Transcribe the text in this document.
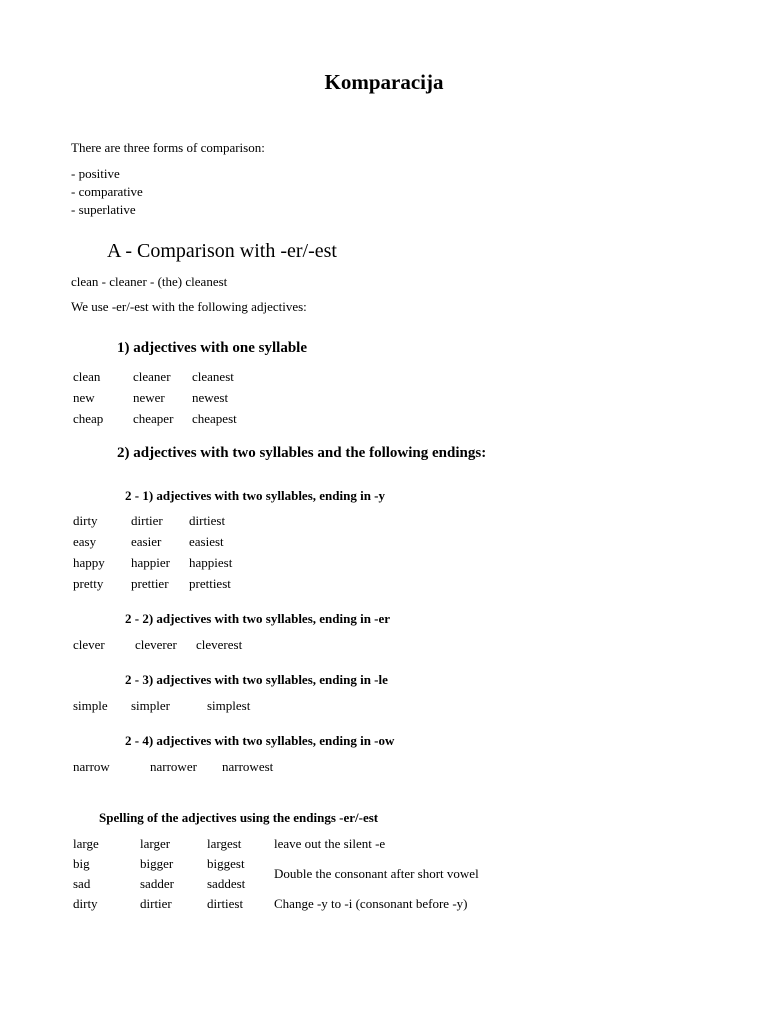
Komparacija
There are three forms of comparison:
- positive
- comparative
- superlative
A - Comparison with -er/-est
clean - cleaner - (the) cleanest
We use -er/-est with the following adjectives:
1) adjectives with one syllable
clean	cleaner	cleanest
new	newer	newest
cheap	cheaper	cheapest
2) adjectives with two syllables and the following endings:
2 - 1) adjectives with two syllables, ending in -y
dirty	dirtier	dirtiest
easy	easier	easiest
happy	happier	happiest
pretty	prettier	prettiest
2 - 2) adjectives with two syllables, ending in -er
clever	cleverer	cleverest
2 - 3) adjectives with two syllables, ending in -le
simple	simpler	simplest
2 - 4) adjectives with two syllables, ending in -ow
narrow	narrower	narrowest
Spelling of the adjectives using the endings -er/-est
large	larger	largest	leave out the silent -e
big	bigger	biggest	Double the consonant after short vowel
sad	sadder	saddest	
dirty	dirtier	dirtiest	Change -y to -i (consonant before -y)
